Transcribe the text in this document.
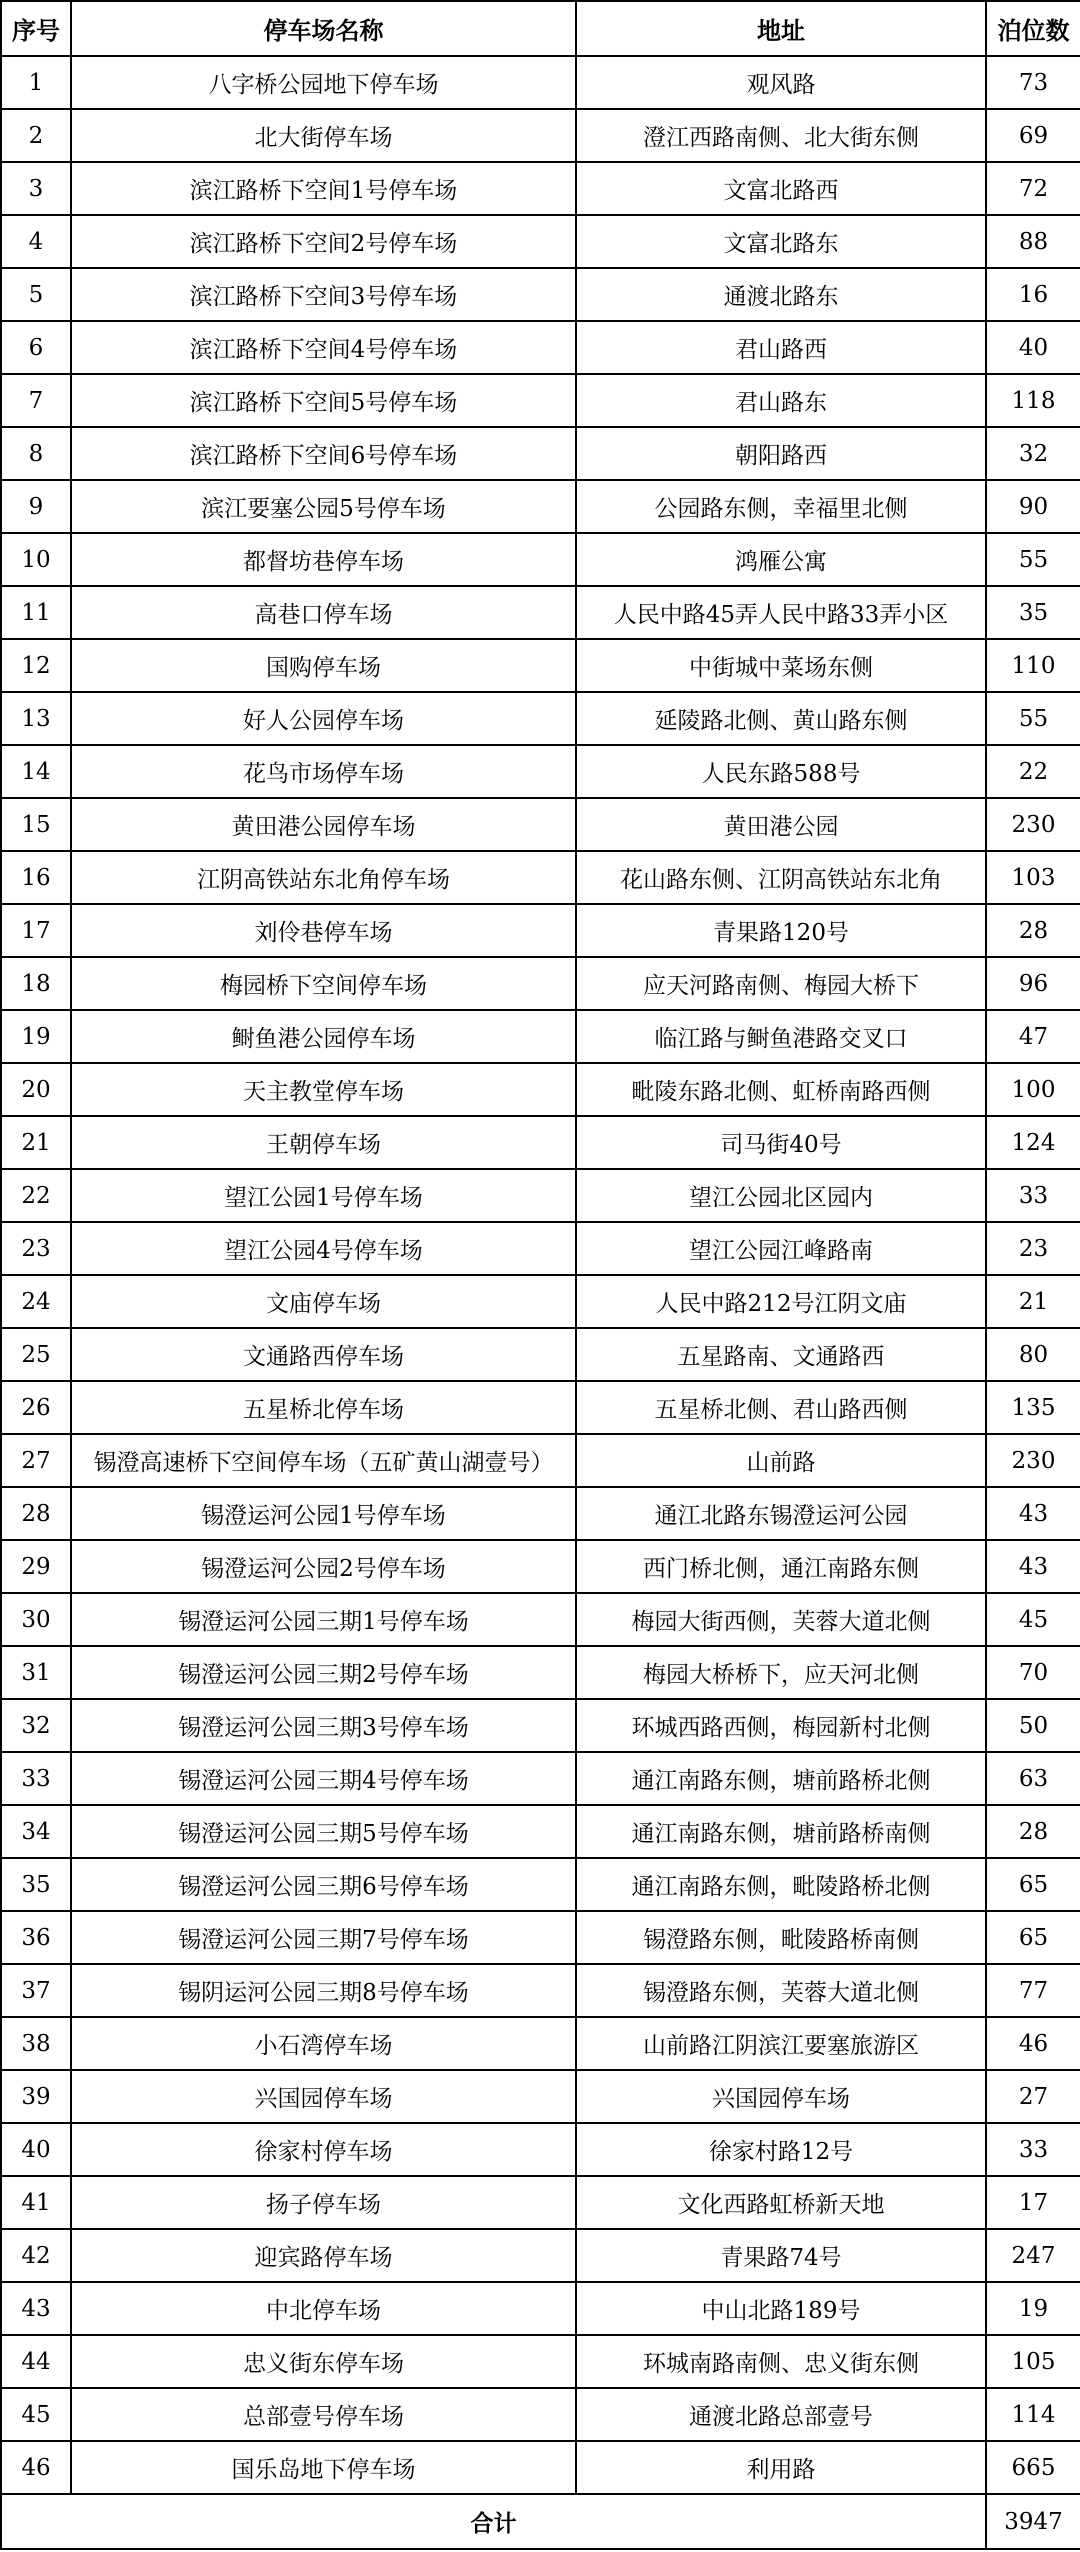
序号	停车场名称	地址	泊位数
1	八字桥公园地下停车场	观风路	73
2	北大街停车场	澄江西路南侧、北大街东侧	69
3	滨江路桥下空间1号停车场	文富北路西	72
4	滨江路桥下空间2号停车场	文富北路东	88
5	滨江路桥下空间3号停车场	通渡北路东	16
6	滨江路桥下空间4号停车场	君山路西	40
7	滨江路桥下空间5号停车场	君山路东	118
8	滨江路桥下空间6号停车场	朝阳路西	32
9	滨江要塞公园5号停车场	公园路东侧，幸福里北侧	90
10	都督坊巷停车场	鸿雁公寓	55
11	高巷口停车场	人民中路45弄人民中路33弄小区	35
12	国购停车场	中街城中菜场东侧	110
13	好人公园停车场	延陵路北侧、黄山路东侧	55
14	花鸟市场停车场	人民东路588号	22
15	黄田港公园停车场	黄田港公园	230
16	江阴高铁站东北角停车场	花山路东侧、江阴高铁站东北角	103
17	刘伶巷停车场	青果路120号	28
18	梅园桥下空间停车场	应天河路南侧、梅园大桥下	96
19	鲥鱼港公园停车场	临江路与鲥鱼港路交叉口	47
20	天主教堂停车场	毗陵东路北侧、虹桥南路西侧	100
21	王朝停车场	司马街40号	124
22	望江公园1号停车场	望江公园北区园内	33
23	望江公园4号停车场	望江公园江峰路南	23
24	文庙停车场	人民中路212号江阴文庙	21
25	文通路西停车场	五星路南、文通路西	80
26	五星桥北停车场	五星桥北侧、君山路西侧	135
27	锡澄高速桥下空间停车场（五矿黄山湖壹号）	山前路	230
28	锡澄运河公园1号停车场	通江北路东锡澄运河公园	43
29	锡澄运河公园2号停车场	西门桥北侧，通江南路东侧	43
30	锡澄运河公园三期1号停车场	梅园大街西侧，芙蓉大道北侧	45
31	锡澄运河公园三期2号停车场	梅园大桥桥下，应天河北侧	70
32	锡澄运河公园三期3号停车场	环城西路西侧，梅园新村北侧	50
33	锡澄运河公园三期4号停车场	通江南路东侧，塘前路桥北侧	63
34	锡澄运河公园三期5号停车场	通江南路东侧，塘前路桥南侧	28
35	锡澄运河公园三期6号停车场	通江南路东侧，毗陵路桥北侧	65
36	锡澄运河公园三期7号停车场	锡澄路东侧，毗陵路桥南侧	65
37	锡阴运河公园三期8号停车场	锡澄路东侧，芙蓉大道北侧	77
38	小石湾停车场	山前路江阴滨江要塞旅游区	46
39	兴国园停车场	兴国园停车场	27
40	徐家村停车场	徐家村路12号	33
41	扬子停车场	文化西路虹桥新天地	17
42	迎宾路停车场	青果路74号	247
43	中北停车场	中山北路189号	19
44	忠义街东停车场	环城南路南侧、忠义街东侧	105
45	总部壹号停车场	通渡北路总部壹号	114
46	国乐岛地下停车场	利用路	665
合计			3947
